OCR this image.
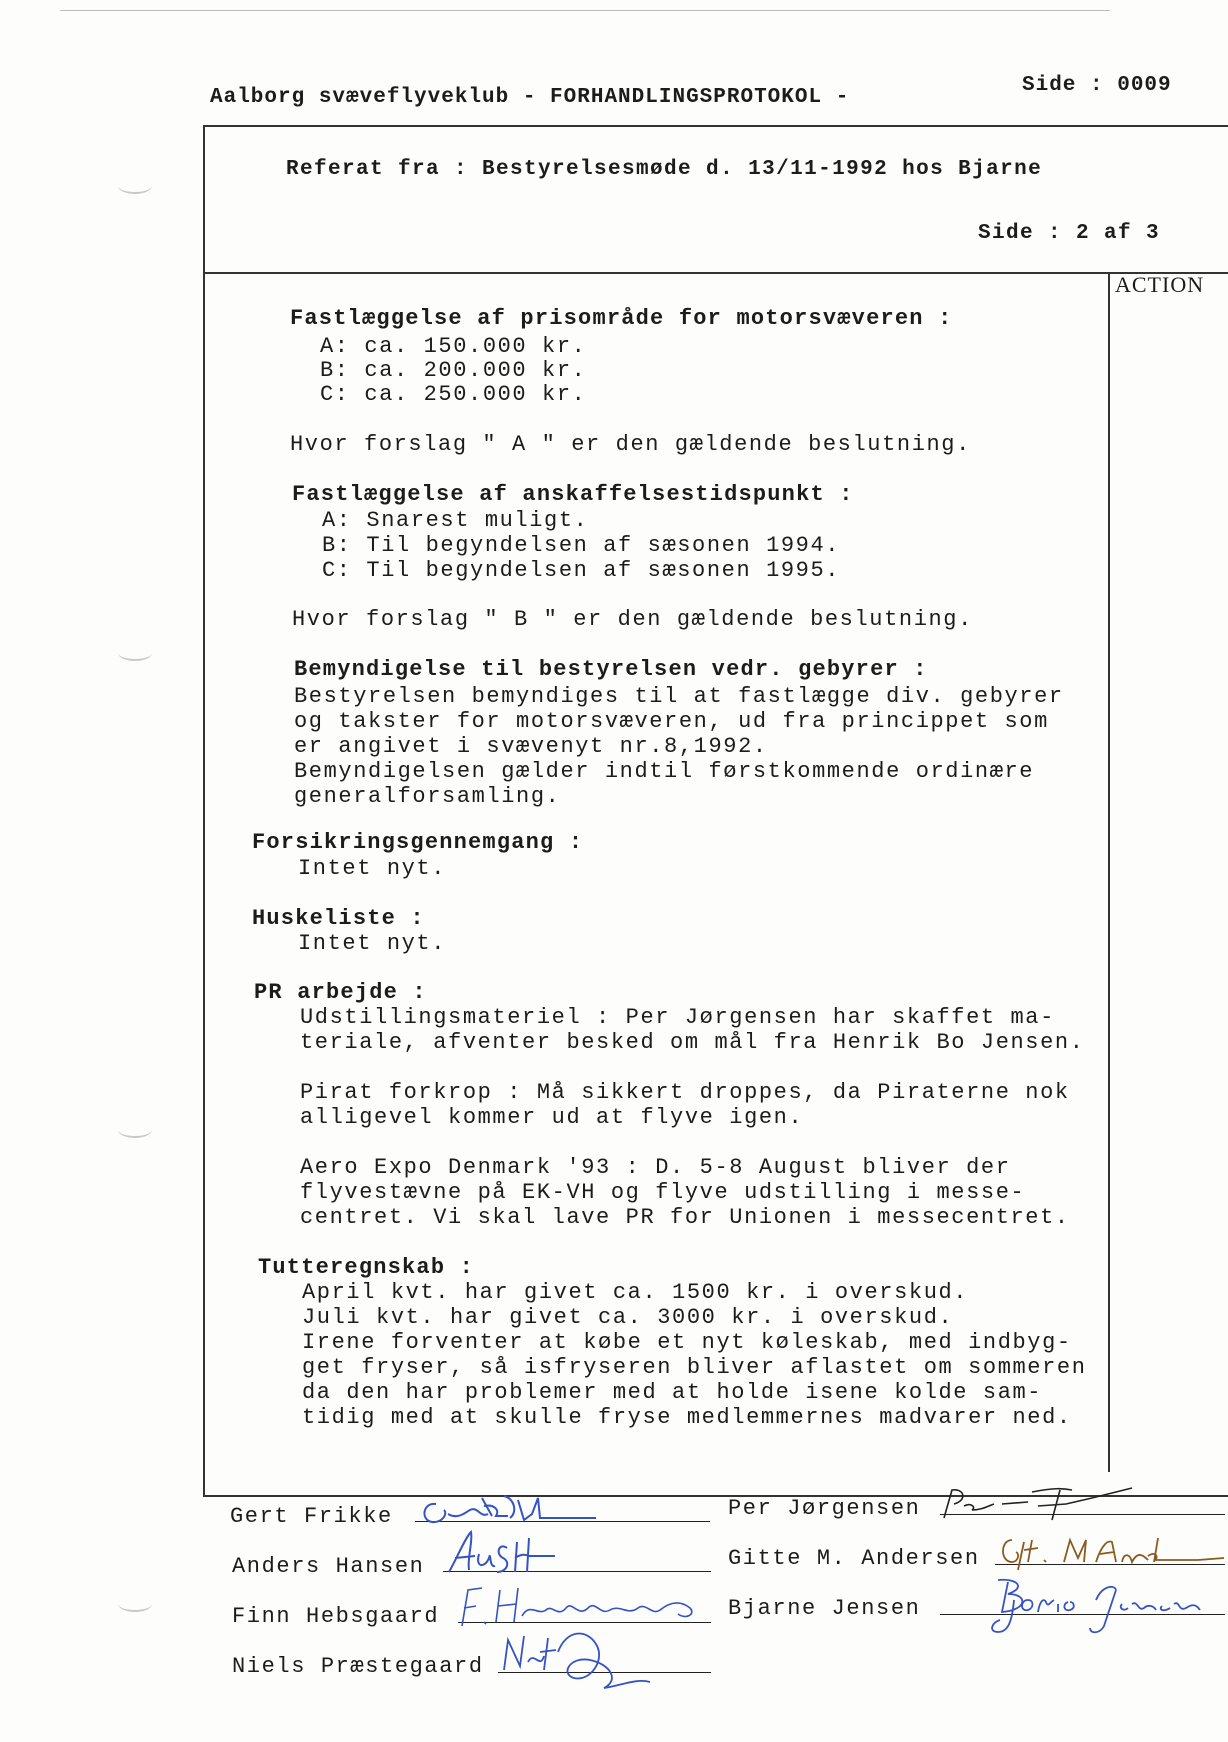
Aalborg svæveflyveklub - FORHANDLINGSPROTOKOL -
Side : 0009
ACTION
Referat fra : Bestyrelsesmøde d. 13/11-1992 hos Bjarne
Side : 2 af 3
Fastlæggelse af prisområde for motorsvæveren :
A: ca. 150.000 kr.
B: ca. 200.000 kr.
C: ca. 250.000 kr.
Hvor forslag " A " er den gældende beslutning.
Fastlæggelse af anskaffelsestidspunkt :
A: Snarest muligt.
B: Til begyndelsen af sæsonen 1994.
C: Til begyndelsen af sæsonen 1995.
Hvor forslag " B " er den gældende beslutning.
Bemyndigelse til bestyrelsen vedr. gebyrer :
Bestyrelsen bemyndiges til at fastlægge div. gebyrer
og takster for motorsvæveren, ud fra princippet som
er angivet i svævenyt nr.8,1992.
Bemyndigelsen gælder indtil førstkommende ordinære
generalforsamling.
Forsikringsgennemgang :
Intet nyt.
Huskeliste :
Intet nyt.
PR arbejde :
Udstillingsmateriel : Per Jørgensen har skaffet ma-
teriale, afventer besked om mål fra Henrik Bo Jensen.
Pirat forkrop : Må sikkert droppes, da Piraterne nok
alligevel kommer ud at flyve igen.
Aero Expo Denmark '93 : D. 5-8 August bliver der
flyvestævne på EK-VH og flyve udstilling i messe-
centret. Vi skal lave PR for Unionen i messecentret.
Tutteregnskab :
April kvt. har givet ca. 1500 kr. i overskud.
Juli kvt. har givet ca. 3000 kr. i overskud.
Irene forventer at købe et nyt køleskab, med indbyg-
get fryser, så isfryseren bliver aflastet om sommeren
da den har problemer med at holde isene kolde sam-
tidig med at skulle fryse medlemmernes madvarer ned.
Gert Frikke
Anders Hansen
Finn Hebsgaard
Niels Præstegaard
Per Jørgensen
Gitte M. Andersen
Bjarne Jensen
